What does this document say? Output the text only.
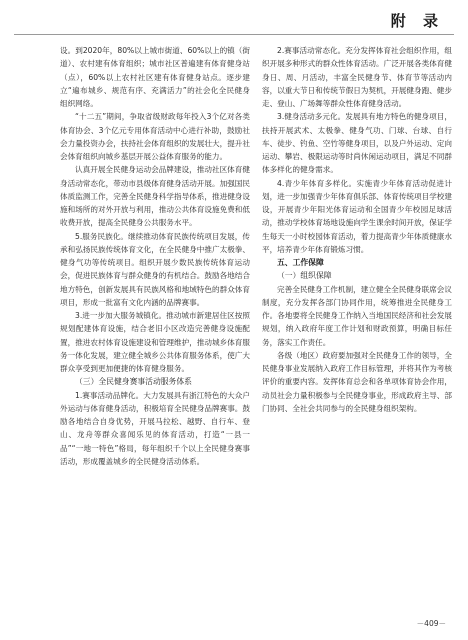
附 录

设。到2020年，80%以上城市街道、60%以上的镇（街道）、农村建有体育组织；城市社区普遍建有体育健身站（点），60%以上农村社区建有体育健身站点。逐步建立“遍布城乡、规范有序、充满活力”的社会化全民健身组织网络。

“十二五”期间，争取省级财政每年投入3个亿对各类体育协会、3个亿元专用体育活动中心进行补助，鼓励社会力量投资办会，扶持社会体育组织的发展壮大，提升社会体育组织向城乡基层开展公益体育服务的能力。

认真开展全民健身运动会品牌建设，推动社区体育健身活动常态化，带动市县级体育健身活动开展。加强国民体质监测工作，完善全民健身科学指导体系，推进健身设施和场所的对外开放与利用，推动公共体育设施免费和低收费开放，提高全民健身公共服务水平。

5.服务民族化。继续推动体育民族传统项目发展，传承和弘扬民族传统体育文化，在全民健身中推广太极拳、健身气功等传统项目。组织开展少数民族传统体育运动会，促进民族体育与群众健身的有机结合。鼓励各地结合地方特色，创新发展具有民族风格和地域特色的群众体育项目，形成一批富有文化内涵的品牌赛事。

3.进一步加大服务城镇化。推动城市新建居住区按照规划配建体育设施，结合老旧小区改造完善健身设施配置，推进农村体育设施建设和管理维护，推动城乡体育服务一体化发展，建立健全城乡公共体育服务体系，使广大群众享受到更加便捷的体育健身服务。

（三）全民健身赛事活动服务体系

1.赛事活动品牌化。大力发展具有浙江特色的大众户外运动与体育健身活动，积极培育全民健身品牌赛事。鼓励各地结合自身优势，开展马拉松、越野、自行车、登山、龙舟等群众喜闻乐见的体育活动，打造“一县一品”“一地一特色”格局，每年组织千个以上全民健身赛事活动，形成覆盖城乡的全民健身活动体系。

2.赛事活动常态化。充分发挥体育社会组织作用，组织开展多种形式的群众性体育活动。广泛开展各类体育健身日、周、月活动，丰富全民健身节、体育节等活动内容，以重大节日和传统节假日为契机，开展健身跑、健步走、登山、广场舞等群众性体育健身活动。

3.健身活动多元化。发展具有地方特色的健身项目，扶持开展武术、太极拳、健身气功、门球、台球、自行车、徒步、钓鱼、空竹等健身项目，以及户外运动、定向运动、攀岩、极限运动等时尚休闲运动项目，满足不同群体多样化的健身需求。

4.青少年体育多样化。实施青少年体育活动促进计划，进一步加强青少年体育俱乐部、体育传统项目学校建设，开展青少年阳光体育运动和全国青少年校园足球活动，推动学校体育场地设施向学生课余时间开放，保证学生每天一小时校园体育活动，着力提高青少年体质健康水平，培养青少年体育锻炼习惯。

五、工作保障

（一）组织保障

完善全民健身工作机制，建立健全全民健身联席会议制度，充分发挥各部门协同作用，统筹推进全民健身工作。各地要将全民健身工作纳入当地国民经济和社会发展规划，纳入政府年度工作计划和财政预算，明确目标任务，落实工作责任。

各级（地区）政府要加强对全民健身工作的领导，全民健身事业发展纳入政府工作目标管理，并将其作为考核评价的重要内容。发挥体育总会和各单项体育协会作用，动员社会力量积极参与全民健身事业，形成政府主导、部门协同、全社会共同参与的全民健身组织架构。

－409－
